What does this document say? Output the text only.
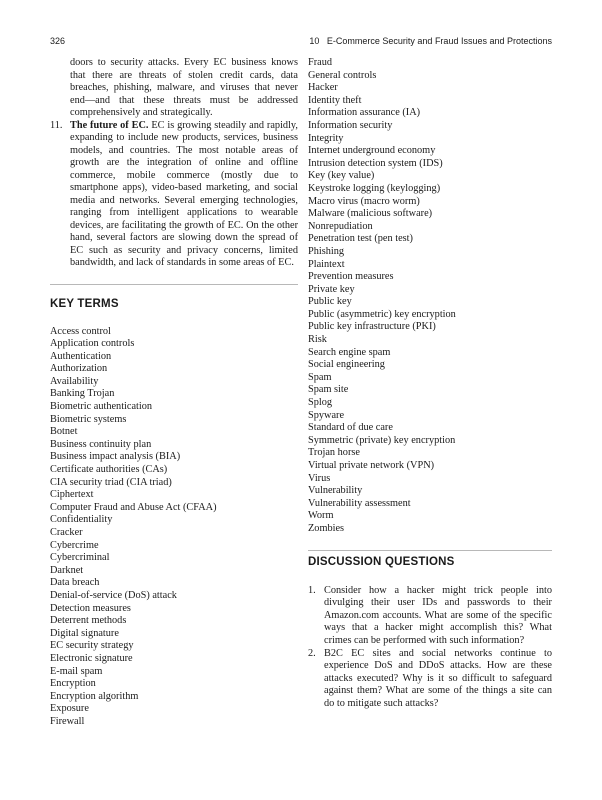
326	10   E-Commerce Security and Fraud Issues and Protections

doors to security attacks. Every EC business knows that there are threats of stolen credit cards, data breaches, phishing, malware, and viruses that never end—and that these threats must be addressed comprehensively and strategically.

11. The future of EC. EC is growing steadily and rapidly, expanding to include new products, services, business models, and countries. The most notable areas of growth are the integration of online and offline commerce, mobile commerce (mostly due to smartphone apps), video-based marketing, and social media and networks. Several emerging technologies, ranging from intelligent applications to wearable devices, are facilitating the growth of EC. On the other hand, several factors are slowing down the spread of EC such as security and privacy concerns, limited bandwidth, and lack of standards in some areas of EC.
KEY TERMS
Access control
Application controls
Authentication
Authorization
Availability
Banking Trojan
Biometric authentication
Biometric systems
Botnet
Business continuity plan
Business impact analysis (BIA)
Certificate authorities (CAs)
CIA security triad (CIA triad)
Ciphertext
Computer Fraud and Abuse Act (CFAA)
Confidentiality
Cracker
Cybercrime
Cybercriminal
Darknet
Data breach
Denial-of-service (DoS) attack
Detection measures
Deterrent methods
Digital signature
EC security strategy
Electronic signature
E-mail spam
Encryption
Encryption algorithm
Exposure
Firewall
Fraud
General controls
Hacker
Identity theft
Information assurance (IA)
Information security
Integrity
Internet underground economy
Intrusion detection system (IDS)
Key (key value)
Keystroke logging (keylogging)
Macro virus (macro worm)
Malware (malicious software)
Nonrepudiation
Penetration test (pen test)
Phishing
Plaintext
Prevention measures
Private key
Public key
Public (asymmetric) key encryption
Public key infrastructure (PKI)
Risk
Search engine spam
Social engineering
Spam
Spam site
Splog
Spyware
Standard of due care
Symmetric (private) key encryption
Trojan horse
Virtual private network (VPN)
Virus
Vulnerability
Vulnerability assessment
Worm
Zombies
DISCUSSION QUESTIONS
1. Consider how a hacker might trick people into divulging their user IDs and passwords to their Amazon.com accounts. What are some of the specific ways that a hacker might accomplish this? What crimes can be performed with such information?
2. B2C EC sites and social networks continue to experience DoS and DDoS attacks. How are these attacks executed? Why is it so difficult to safeguard against them? What are some of the things a site can do to mitigate such attacks?
